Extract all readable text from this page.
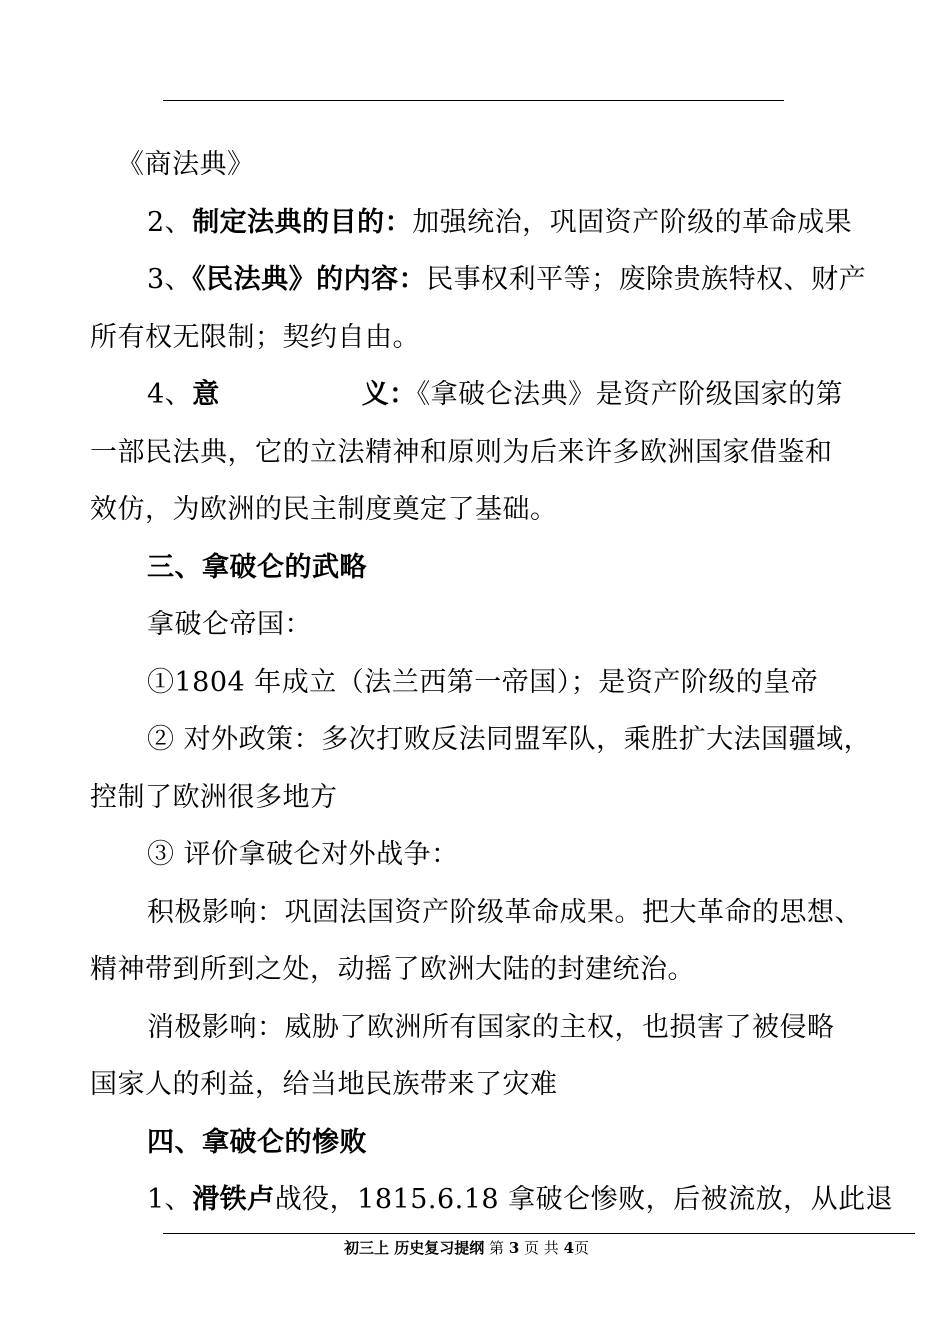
《商法典》
2、制定法典的目的：加强统治，巩固资产阶级的革命成果
3、《民法典》的内容：民事权利平等；废除贵族特权、财产
所有权无限制；契约自由。
4、意	义：《拿破仑法典》是资产阶级国家的第
一部民法典，它的立法精神和原则为后来许多欧洲国家借鉴和
效仿，为欧洲的民主制度奠定了基础。
三、拿破仑的武略
拿破仑帝国：
①1804 年成立（法兰西第一帝国）；是资产阶级的皇帝
② 对外政策：多次打败反法同盟军队，乘胜扩大法国疆域，
控制了欧洲很多地方
③ 评价拿破仑对外战争：
积极影响：巩固法国资产阶级革命成果。把大革命的思想、
精神带到所到之处，动摇了欧洲大陆的封建统治。
消极影响：威胁了欧洲所有国家的主权，也损害了被侵略
国家人的利益，给当地民族带来了灾难
四、拿破仑的惨败
1、滑铁卢战役，1815.6.18 拿破仑惨败，后被流放，从此退
初三上 历史复习提纲 第 3 页 共 4页
